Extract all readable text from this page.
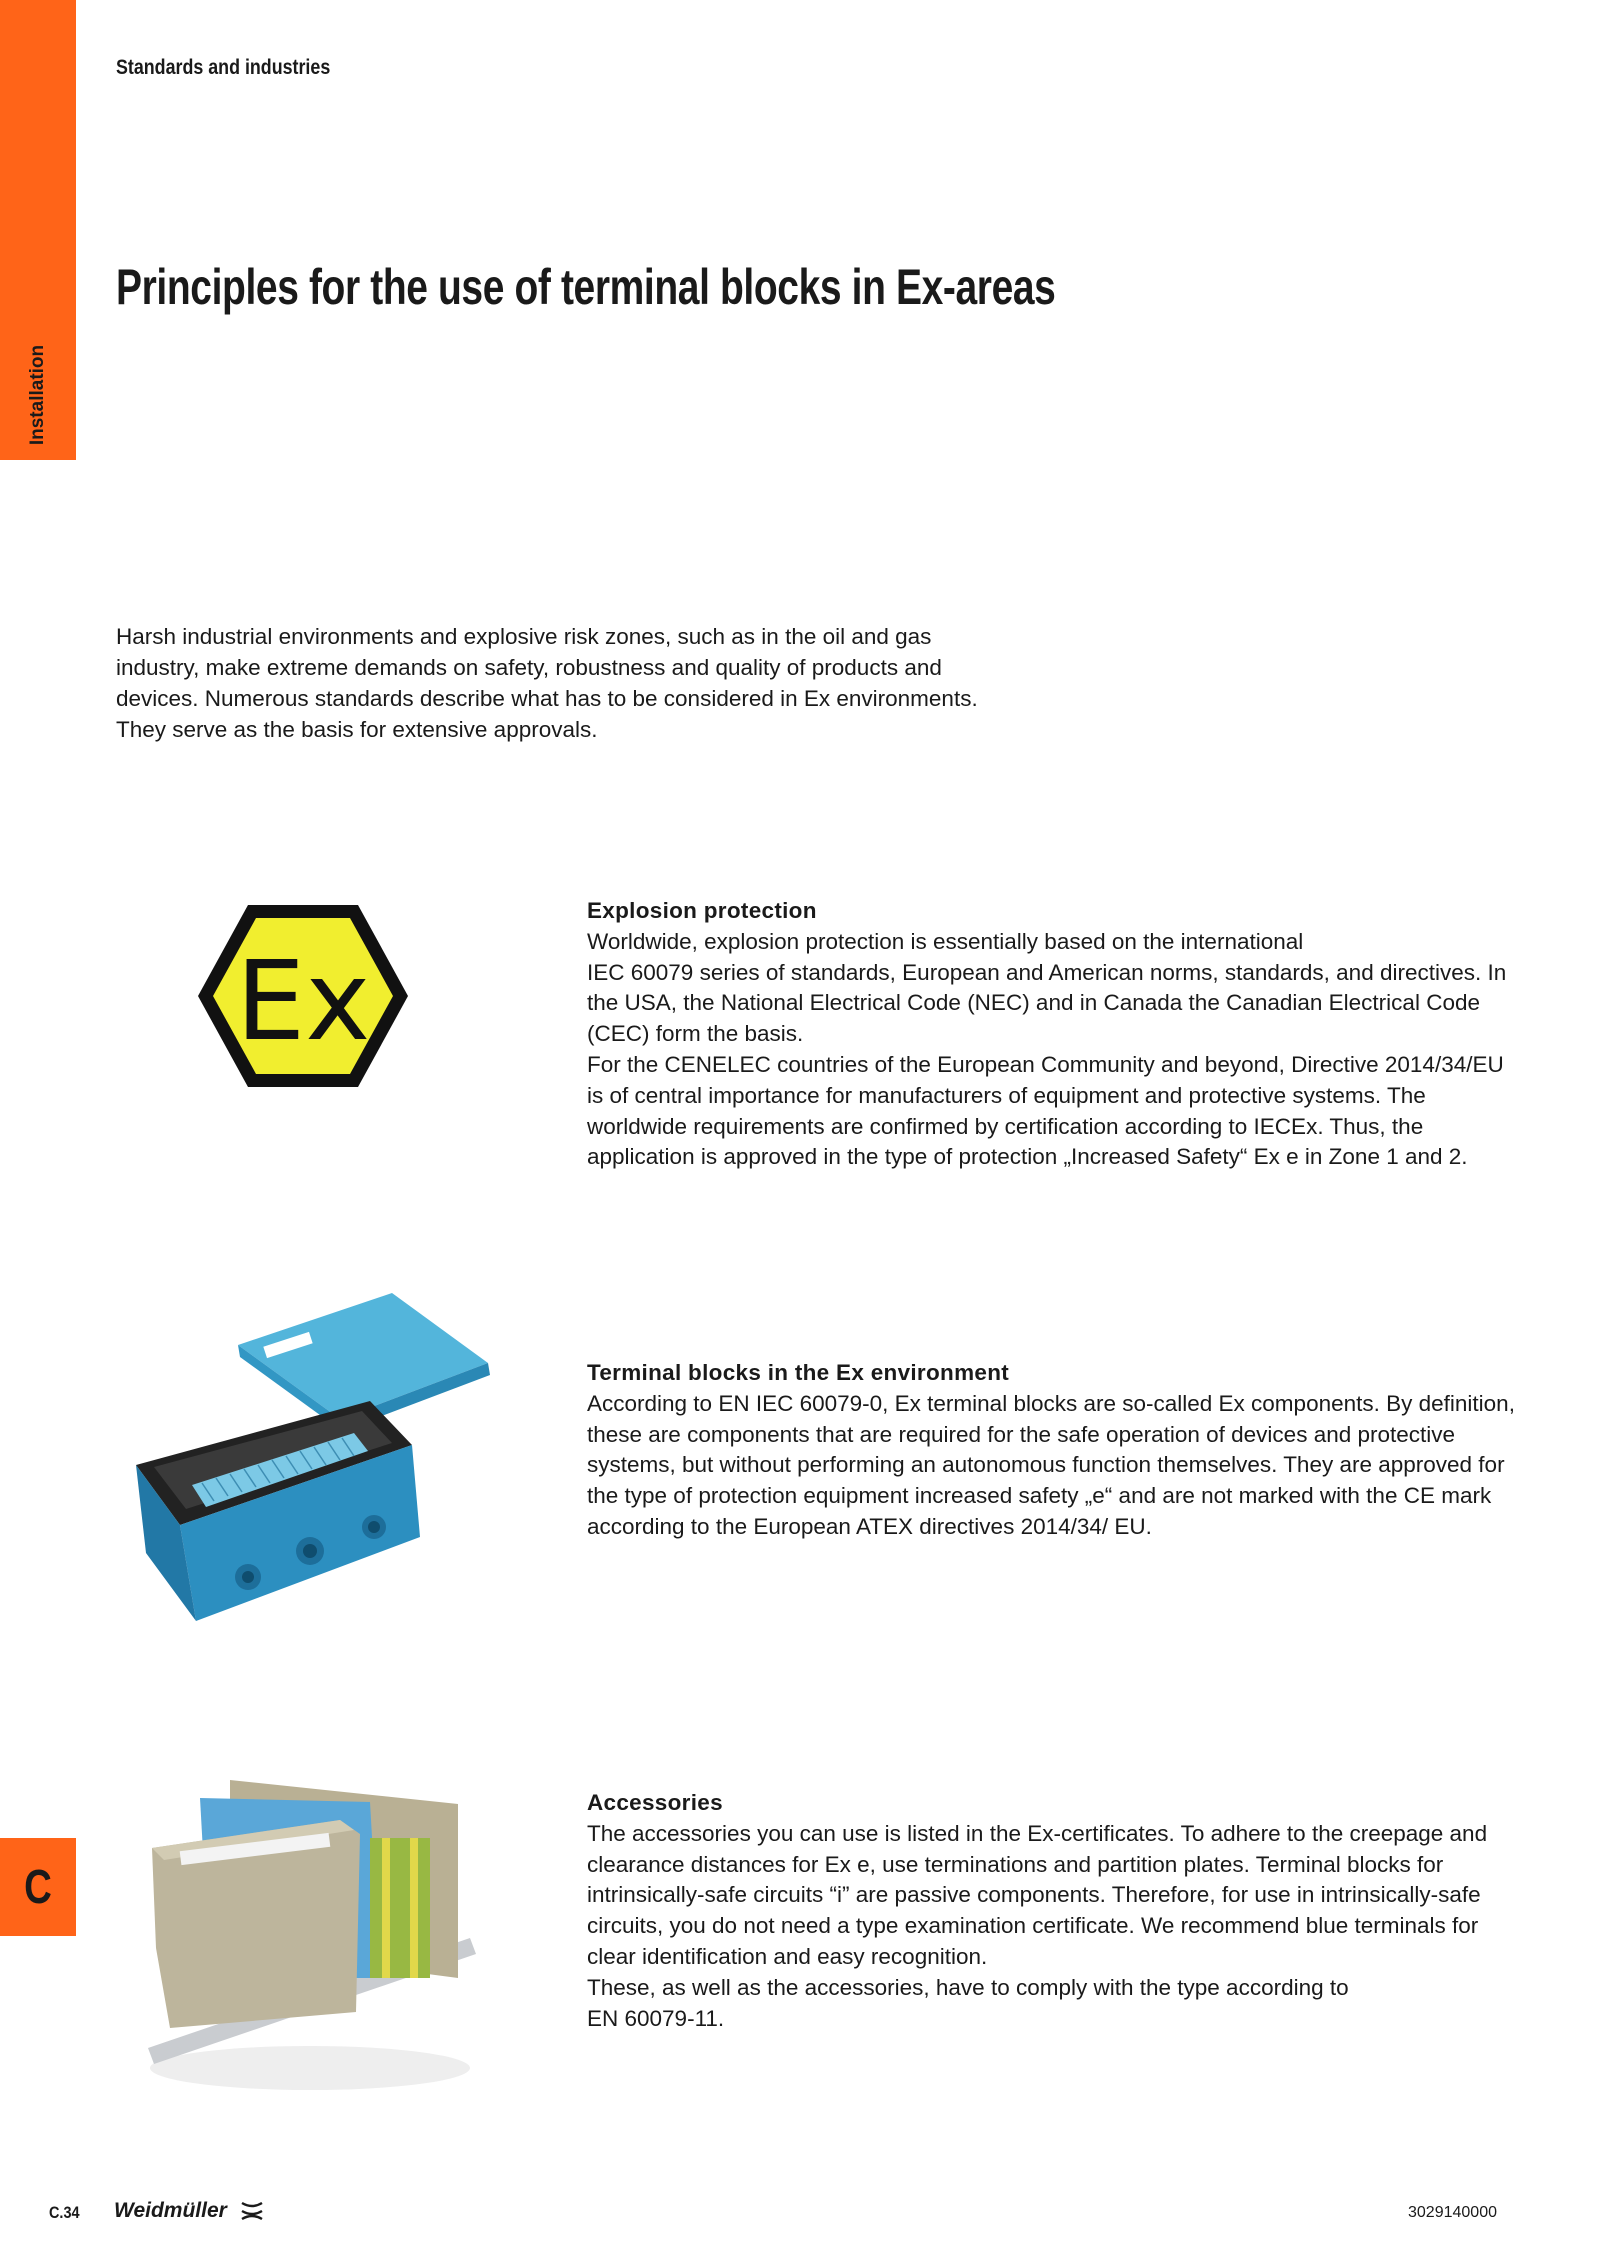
Installation
C
Standards and industries
Principles for the use of terminal blocks in Ex-areas

Harsh industrial environments and explosive risk zones, such as in the oil and gas industry, make extreme demands on safety, robustness and quality of products and devices. Numerous standards describe what has to be considered in Ex environments. They serve as the basis for extensive approvals.

Ex
Explosion protection

Worldwide, explosion protection is essentially based on the international
IEC 60079 series of standards, European and American norms, standards, and directives. In the USA, the National Electrical Code (NEC) and in Canada the Canadian Electrical Code (CEC) form the basis.
For the CENELEC countries of the European Community and beyond, Directive 2014/34/EU is of central importance for manufacturers of equipment and protective systems. The worldwide requirements are confirmed by certification according to IECEx. Thus, the application is approved in the type of protection „Increased Safety“ Ex e in Zone 1 and 2.

Terminal blocks in the Ex environment

According to EN IEC 60079-0, Ex terminal blocks are so-called Ex components. By definition, these are components that are required for the safe operation of devices and protective systems, but without performing an autonomous function themselves. They are approved for the type of protection equipment increased safety „e“ and are not marked with the CE mark according to the European ATEX directives 2014/34/ EU.

Accessories

The accessories you can use is listed in the Ex-certificates. To adhere to the creepage and clearance distances for Ex e, use terminations and partition plates. Terminal blocks for intrinsically-safe circuits “i” are passive components. Therefore, for use in intrinsically-safe circuits, you do not need a type examination certificate. We recommend blue terminals for clear identification and easy recognition.
These, as well as the accessories, have to comply with the type according to
EN 60079-11.

C.34 Weidmüller	3029140000
